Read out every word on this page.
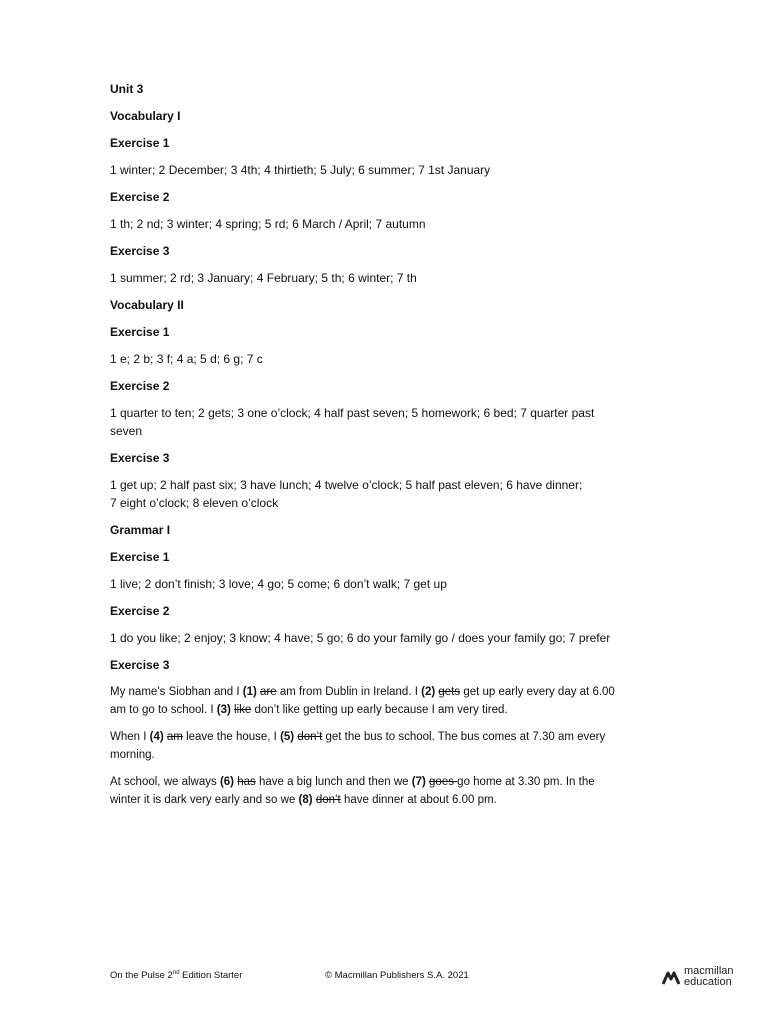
Unit 3

Vocabulary I

Exercise 1

1 winter; 2 December; 3 4th; 4 thirtieth; 5 July; 6 summer; 7 1st January

Exercise 2

1 th; 2 nd; 3 winter; 4 spring; 5 rd; 6 March / April; 7 autumn

Exercise 3

1 summer; 2 rd; 3 January; 4 February; 5 th; 6 winter; 7 th

Vocabulary II

Exercise 1

1 e; 2 b; 3 f; 4 a; 5 d; 6 g; 7 c

Exercise 2

1 quarter to ten; 2 gets; 3 one o’clock; 4 half past seven; 5 homework; 6 bed; 7 quarter past

seven

Exercise 3

1 get up; 2 half past six; 3 have lunch; 4 twelve o’clock; 5 half past eleven; 6 have dinner;

7 eight o’clock; 8 eleven o’clock

Grammar I

Exercise 1

1 live; 2 don’t finish; 3 love; 4 go; 5 come; 6 don’t walk; 7 get up

Exercise 2

1 do you like; 2 enjoy; 3 know; 4 have; 5 go; 6 do your family go / does your family go; 7 prefer

Exercise 3

My name’s Siobhan and I (1) are am from Dublin in Ireland. I (2) gets get up early every day at 6.00

am to go to school. I (3) like don’t like getting up early because I am very tired.

When I (4) am leave the house, I (5) don’t get the bus to school. The bus comes at 7.30 am every

morning.

At school, we always (6) has have a big lunch and then we (7) goes go home at 3.30 pm. In the

winter it is dark very early and so we (8) don’t have dinner at about 6.00 pm.

On the Pulse 2nd Edition Starter	© Macmillan Publishers S.A. 2021	macmillan
education
